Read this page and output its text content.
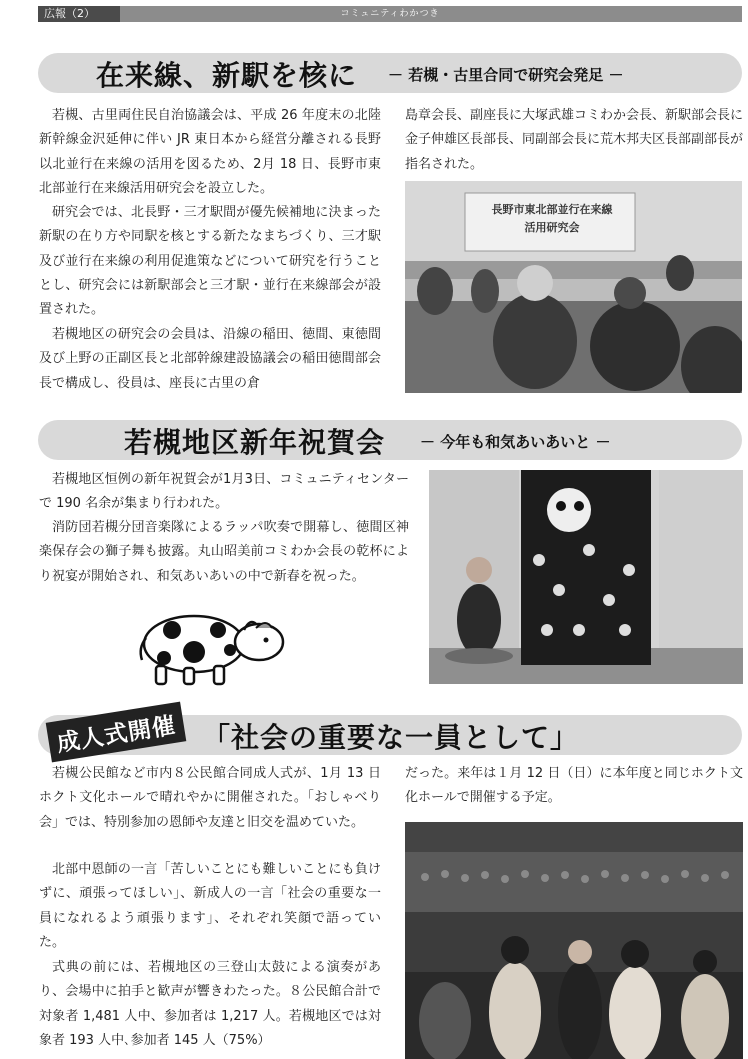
コミュニティわかつき
広報（2）
在来線、新駅を核に － 若槻・古里合同で研究会発足 －
若槻、古里両住民自治協議会は、平成 26 年度末の北陸新幹線金沢延伸に伴い JR 東日本から経営分離される長野以北並行在来線の活用を図るため、2月 18 日、長野市東北部並行在来線活用研究会を設立した。
研究会では、北長野・三才駅間が優先候補地に決まった新駅の在り方や同駅を核とする新たなまちづくり、三才駅及び並行在来線の利用促進策などについて研究を行うこととし、研究会には新駅部会と三才駅・並行在来線部会が設置された。
若槻地区の研究会の会員は、沿線の稲田、徳間、東徳間及び上野の正副区長と北部幹線建設協議会の稲田徳間部会長で構成し、役員は、座長に古里の倉
島章会長、副座長に大塚武雄コミわか会長、新駅部会長に金子伸雄区長部長、同副部会長に荒木邦夫区長部副部長が指名された。
長野市東北部並行在来線
活用研究会
若槻地区新年祝賀会 － 今年も和気あいあいと －
若槻地区恒例の新年祝賀会が1月3日、コミュニティセンターで 190 名余が集まり行われた。
消防団若槻分団音楽隊によるラッパ吹奏で開幕し、徳間区神楽保存会の獅子舞も披露。丸山昭美前コミわか会長の乾杯により祝宴が開始され、和気あいあいの中で新春を祝った。
成人式開催 「社会の重要な一員として」
若槻公民館など市内８公民館合同成人式が、1月 13 日ホクト文化ホールで晴れやかに開催された。「おしゃべり会」では、特別参加の恩師や友達と旧交を温めていた。
北部中恩師の一言「苦しいことにも難しいことにも負けずに、頑張ってほしい」、新成人の一言「社会の重要な一員になれるよう頑張ります」、それぞれ笑顔で語っていた。
式典の前には、若槻地区の三登山太鼓による演奏があり、会場中に拍手と歓声が響きわたった。８公民館合計で対象者 1,481 人中、参加者は 1,217 人。若槻地区では対象者 193 人中､参加者 145 人（75%）
だった。来年は１月 12 日（日）に本年度と同じホクト文化ホールで開催する予定。
